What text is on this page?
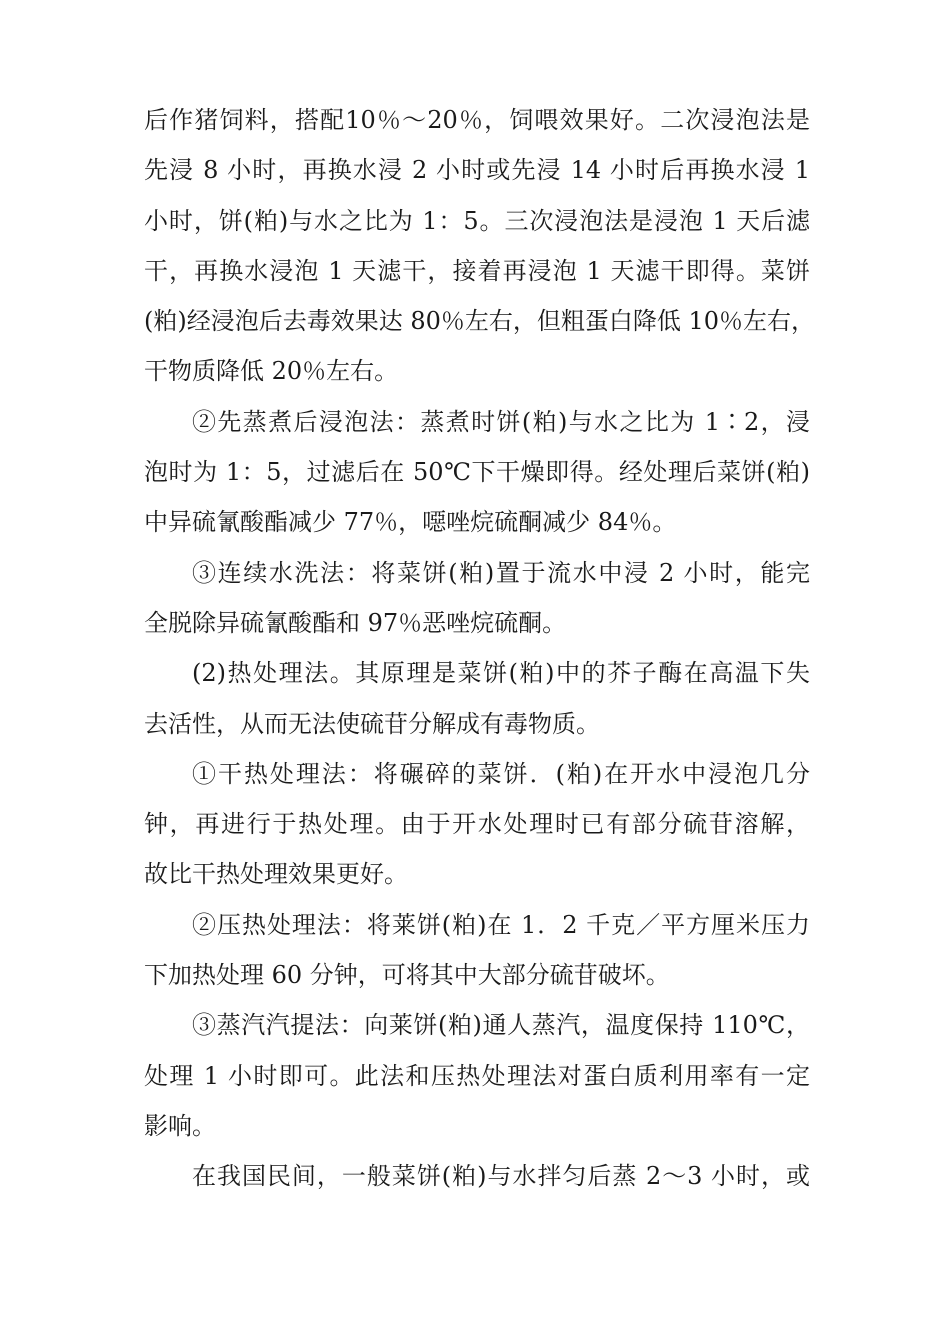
后作猪饲料，搭配10％～20％，饲喂效果好。二次浸泡法是
先浸 8 小时，再换水浸 2 小时或先浸 14 小时后再换水浸 1
小时，饼(粕)与水之比为 1：5。三次浸泡法是浸泡 1 天后滤
干，再换水浸泡 1 天滤干，接着再浸泡 1 天滤干即得。菜饼
(粕)经浸泡后去毒效果达 80％左右，但粗蛋白降低 10％左右，
干物质降低 20％左右。
②先蒸煮后浸泡法：蒸煮时饼(粕)与水之比为 1∶2，浸
泡时为 1：5，过滤后在 50℃下干燥即得。经处理后菜饼(粕)
中异硫氰酸酯减少 77％，噁唑烷硫酮减少 84％。
③连续水洗法：将菜饼(粕)置于流水中浸 2 小时，能完
全脱除异硫氰酸酯和 97％恶唑烷硫酮。
(2)热处理法。其原理是菜饼(粕)中的芥子酶在高温下失
去活性，从而无法使硫苷分解成有毒物质。
①干热处理法：将碾碎的菜饼．(粕)在开水中浸泡几分
钟，再进行于热处理。由于开水处理时已有部分硫苷溶解，
故比干热处理效果更好。
②压热处理法：将莱饼(粕)在 1．2 千克／平方厘米压力
下加热处理 60 分钟，可将其中大部分硫苷破坏。
③蒸汽汽提法：向莱饼(粕)通人蒸汽，温度保持 110℃，
处理 1 小时即可。此法和压热处理法对蛋白质利用率有一定
影响。
在我国民间，一般菜饼(粕)与水拌匀后蒸 2～3 小时，或
